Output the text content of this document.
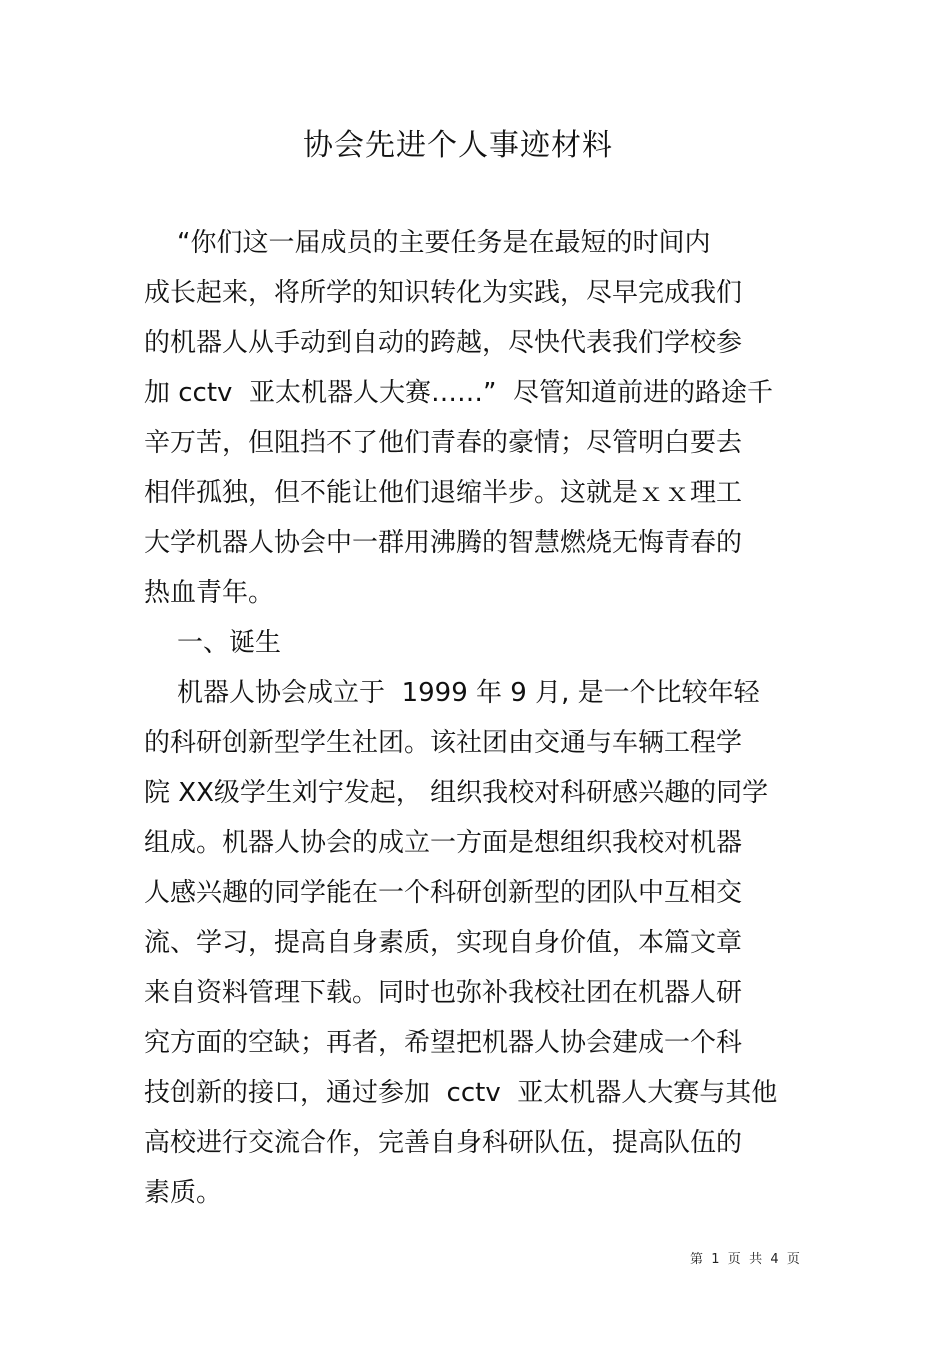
协会先进个人事迹材料
“你们这一届成员的主要任务是在最短的时间内
成长起来，将所学的知识转化为实践，尽早完成我们
的机器人从手动到自动的跨越，尽快代表我们学校参
加 cctv  亚太机器人大赛……”  尽管知道前进的路途千
辛万苦，但阻挡不了他们青春的豪情；尽管明白要去
相伴孤独，但不能让他们退缩半步。这就是ｘｘ理工
大学机器人协会中一群用沸腾的智慧燃烧无悔青春的
热血青年。
一、诞生
机器人协会成立于  1999 年 9 月, 是一个比较年轻
的科研创新型学生社团。该社团由交通与车辆工程学
院 XX级学生刘宁发起， 组织我校对科研感兴趣的同学
组成。机器人协会的成立一方面是想组织我校对机器
人感兴趣的同学能在一个科研创新型的团队中互相交
流、学习，提高自身素质，实现自身价值，本篇文章
来自资料管理下载。同时也弥补我校社团在机器人研
究方面的空缺；再者，希望把机器人协会建成一个科
技创新的接口，通过参加  cctv  亚太机器人大赛与其他
高校进行交流合作，完善自身科研队伍，提高队伍的
素质。
第  1  页  共  4  页
